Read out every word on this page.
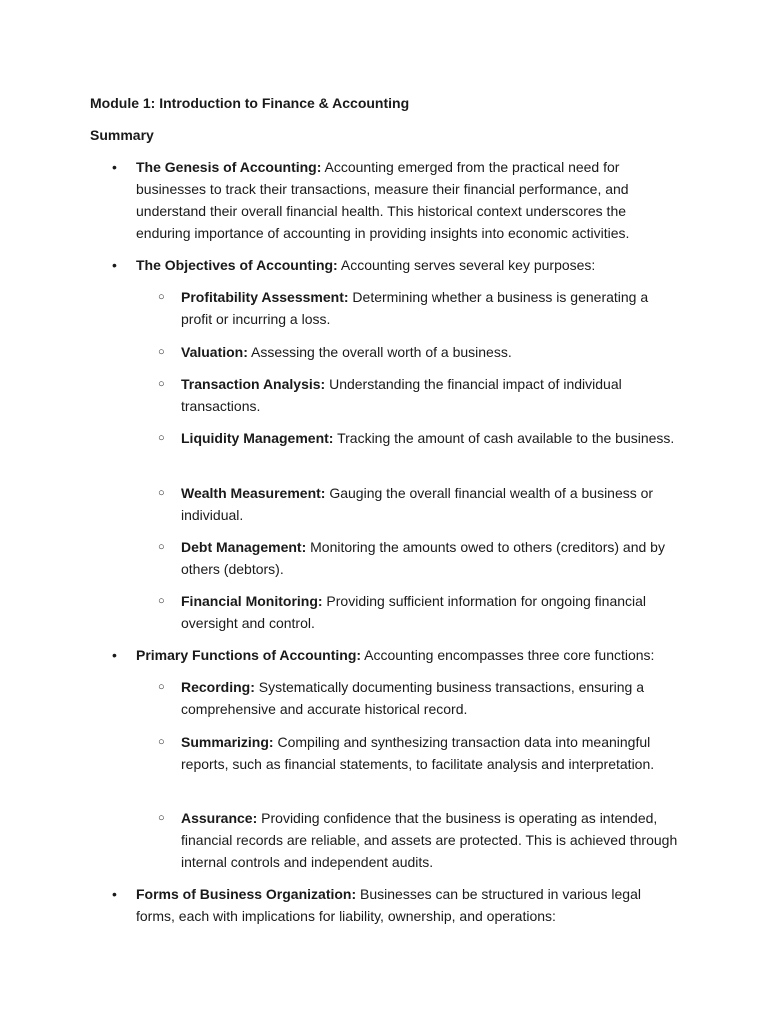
Module 1: Introduction to Finance & Accounting

Summary

• The Genesis of Accounting: Accounting emerged from the practical need for businesses to track their transactions, measure their financial performance, and understand their overall financial health. This historical context underscores the enduring importance of accounting in providing insights into economic activities.

• The Objectives of Accounting: Accounting serves several key purposes:

○ Profitability Assessment: Determining whether a business is generating a profit or incurring a loss.

○ Valuation: Assessing the overall worth of a business.

○ Transaction Analysis: Understanding the financial impact of individual transactions.

○ Liquidity Management: Tracking the amount of cash available to the business.

○ Wealth Measurement: Gauging the overall financial wealth of a business or individual.

○ Debt Management: Monitoring the amounts owed to others (creditors) and by others (debtors).

○ Financial Monitoring: Providing sufficient information for ongoing financial oversight and control.

• Primary Functions of Accounting: Accounting encompasses three core functions:

○ Recording: Systematically documenting business transactions, ensuring a comprehensive and accurate historical record.

○ Summarizing: Compiling and synthesizing transaction data into meaningful reports, such as financial statements, to facilitate analysis and interpretation.

○ Assurance: Providing confidence that the business is operating as intended, financial records are reliable, and assets are protected. This is achieved through internal controls and independent audits.

• Forms of Business Organization: Businesses can be structured in various legal forms, each with implications for liability, ownership, and operations:
